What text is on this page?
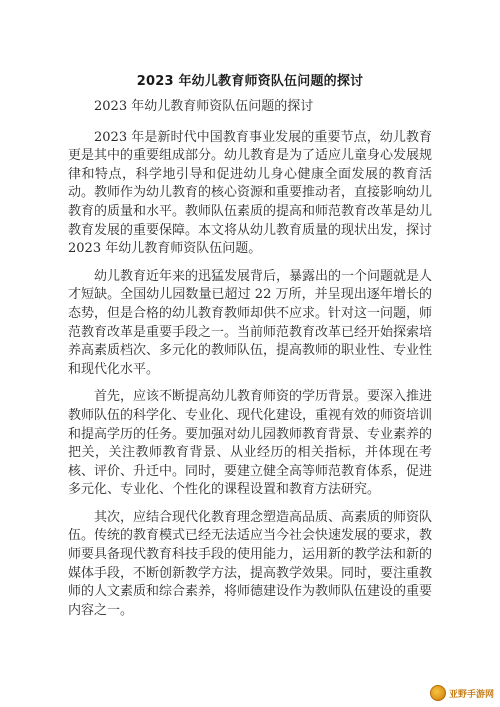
2023 年幼儿教育师资队伍问题的探讨

2023 年幼儿教育师资队伍问题的探讨

2023 年是新时代中国教育事业发展的重要节点，幼儿教育更是其中的重要组成部分。幼儿教育是为了适应儿童身心发展规律和特点，科学地引导和促进幼儿身心健康全面发展的教育活动。教师作为幼儿教育的核心资源和重要推动者，直接影响幼儿教育的质量和水平。教师队伍素质的提高和师范教育改革是幼儿教育发展的重要保障。本文将从幼儿教育质量的现状出发，探讨 2023 年幼儿教育师资队伍问题。

幼儿教育近年来的迅猛发展背后，暴露出的一个问题就是人才短缺。全国幼儿园数量已超过 22 万所，并呈现出逐年增长的态势，但是合格的幼儿教育教师却供不应求。针对这一问题，师范教育改革是重要手段之一。当前师范教育改革已经开始探索培养高素质档次、多元化的教师队伍，提高教师的职业性、专业性和现代化水平。

首先，应该不断提高幼儿教育师资的学历背景。要深入推进教师队伍的科学化、专业化、现代化建设，重视有效的师资培训和提高学历的任务。要加强对幼儿园教师教育背景、专业素养的把关，关注教师教育背景、从业经历的相关指标，并体现在考核、评价、升迁中。同时，要建立健全高等师范教育体系，促进多元化、专业化、个性化的课程设置和教育方法研究。

其次，应结合现代化教育理念塑造高品质、高素质的师资队伍。传统的教育模式已经无法适应当今社会快速发展的要求，教师要具备现代教育科技手段的使用能力，运用新的教学法和新的媒体手段，不断创新教学方法，提高教学效果。同时，要注重教师的人文素质和综合素养，将师德建设作为教师队伍建设的重要内容之一。

亚野手游网
